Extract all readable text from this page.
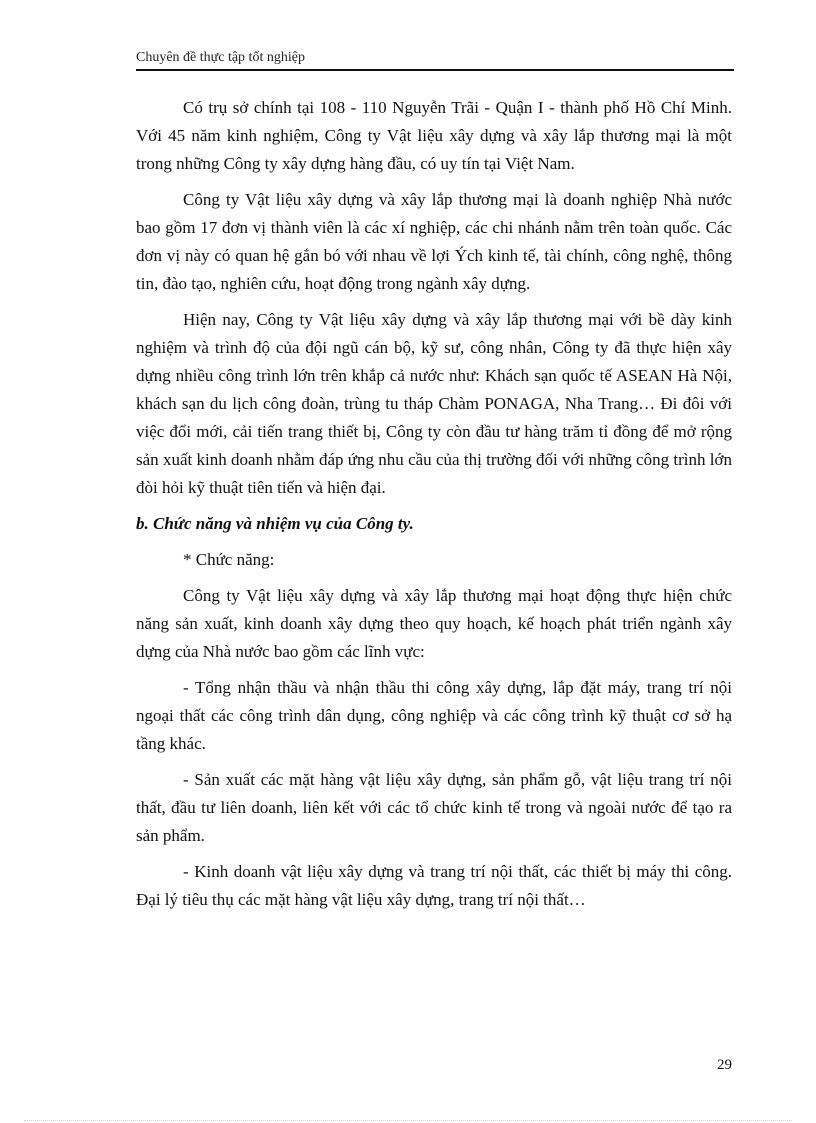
Chuyên đề thực tập tốt nghiệp

Có trụ sở chính tại 108 - 110 Nguyễn Trãi - Quận I - thành phố Hồ Chí Minh. Với 45 năm kinh nghiệm, Công ty Vật liệu xây dựng và xây lắp thương mại là một trong những Công ty xây dựng hàng đầu, có uy tín tại Việt Nam.

Công ty Vật liệu xây dựng và xây lắp thương mại là doanh nghiệp Nhà nước bao gồm 17 đơn vị thành viên là các xí nghiệp, các chi nhánh nằm trên toàn quốc. Các đơn vị này có quan hệ gắn bó với nhau về lợi Ých kinh tế, tài chính, công nghệ, thông tin, đào tạo, nghiên cứu, hoạt động trong ngành xây dựng.

Hiện nay, Công ty Vật liệu xây dựng và xây lắp thương mại với bề dày kinh nghiệm và trình độ của đội ngũ cán bộ, kỹ sư, công nhân, Công ty đã thực hiện xây dựng nhiều công trình lớn trên khắp cả nước như: Khách sạn quốc tế ASEAN Hà Nội, khách sạn du lịch công đoàn, trùng tu tháp Chàm PONAGA, Nha Trang… Đi đôi với việc đổi mới, cải tiến trang thiết bị, Công ty còn đầu tư hàng trăm tỉ đồng để mở rộng sản xuất kinh doanh nhằm đáp ứng nhu cầu của thị trường đối với những công trình lớn đòi hỏi kỹ thuật tiên tiến và hiện đại.

b. Chức năng và nhiệm vụ của Công ty.

* Chức năng:

Công ty Vật liệu xây dựng và xây lắp thương mại hoạt động thực hiện chức năng sản xuất, kinh doanh xây dựng theo quy hoạch, kế hoạch phát triển ngành xây dựng của Nhà nước bao gồm các lĩnh vực:

- Tổng nhận thầu và nhận thầu thi công xây dựng, lắp đặt máy, trang trí nội ngoại thất các công trình dân dụng, công nghiệp và các công trình kỹ thuật cơ sở hạ tầng khác.

- Sản xuất các mặt hàng vật liệu xây dựng, sản phẩm gỗ, vật liệu trang trí nội thất, đầu tư liên doanh, liên kết với các tổ chức kinh tế trong và ngoài nước để tạo ra sản phẩm.

- Kinh doanh vật liệu xây dựng và trang trí nội thất, các thiết bị máy thi công. Đại lý tiêu thụ các mặt hàng vật liệu xây dựng, trang trí nội thất…

29
